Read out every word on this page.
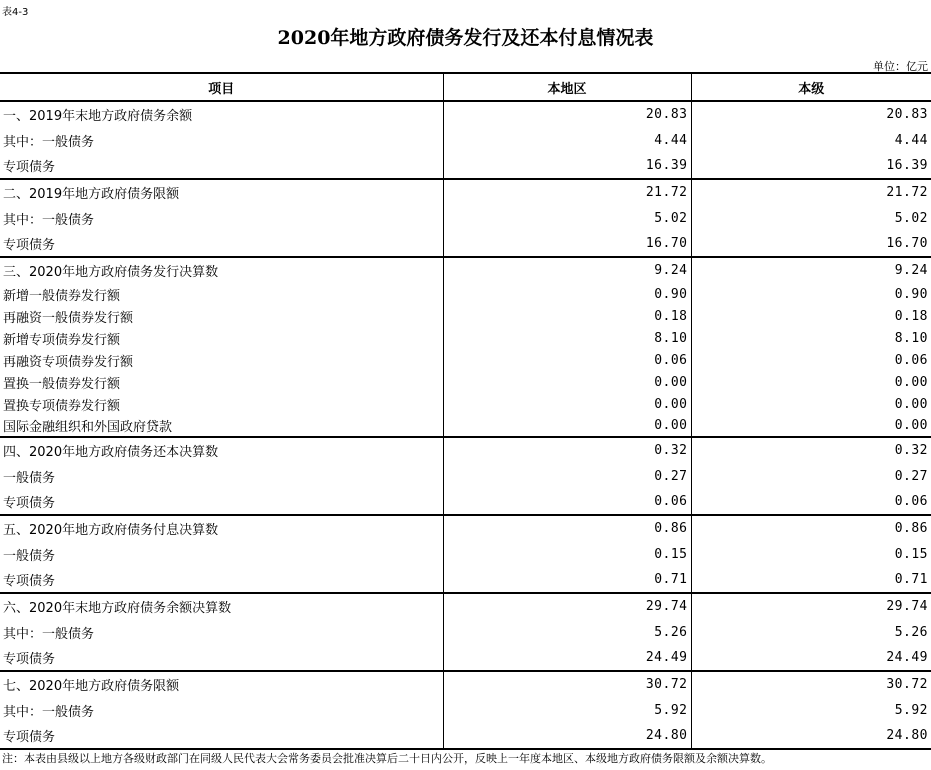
表4-3
2020年地方政府债务发行及还本付息情况表
单位：亿元
项目	本地区	本级
一、2019年末地方政府债务余额	20.83	20.83
其中：一般债务	4.44	4.44
专项债务	16.39	16.39
二、2019年地方政府债务限额	21.72	21.72
其中：一般债务	5.02	5.02
专项债务	16.70	16.70
三、2020年地方政府债务发行决算数	9.24	9.24
新增一般债券发行额	0.90	0.90
再融资一般债券发行额	0.18	0.18
新增专项债券发行额	8.10	8.10
再融资专项债券发行额	0.06	0.06
置换一般债券发行额	0.00	0.00
置换专项债券发行额	0.00	0.00
国际金融组织和外国政府贷款	0.00	0.00
四、2020年地方政府债务还本决算数	0.32	0.32
一般债务	0.27	0.27
专项债务	0.06	0.06
五、2020年地方政府债务付息决算数	0.86	0.86
一般债务	0.15	0.15
专项债务	0.71	0.71
六、2020年末地方政府债务余额决算数	29.74	29.74
其中：一般债务	5.26	5.26
专项债务	24.49	24.49
七、2020年地方政府债务限额	30.72	30.72
其中：一般债务	5.92	5.92
专项债务	24.80	24.80
注：本表由县级以上地方各级财政部门在同级人民代表大会常务委员会批准决算后二十日内公开，反映上一年度本地区、本级地方政府债务限额及余额决算数。
